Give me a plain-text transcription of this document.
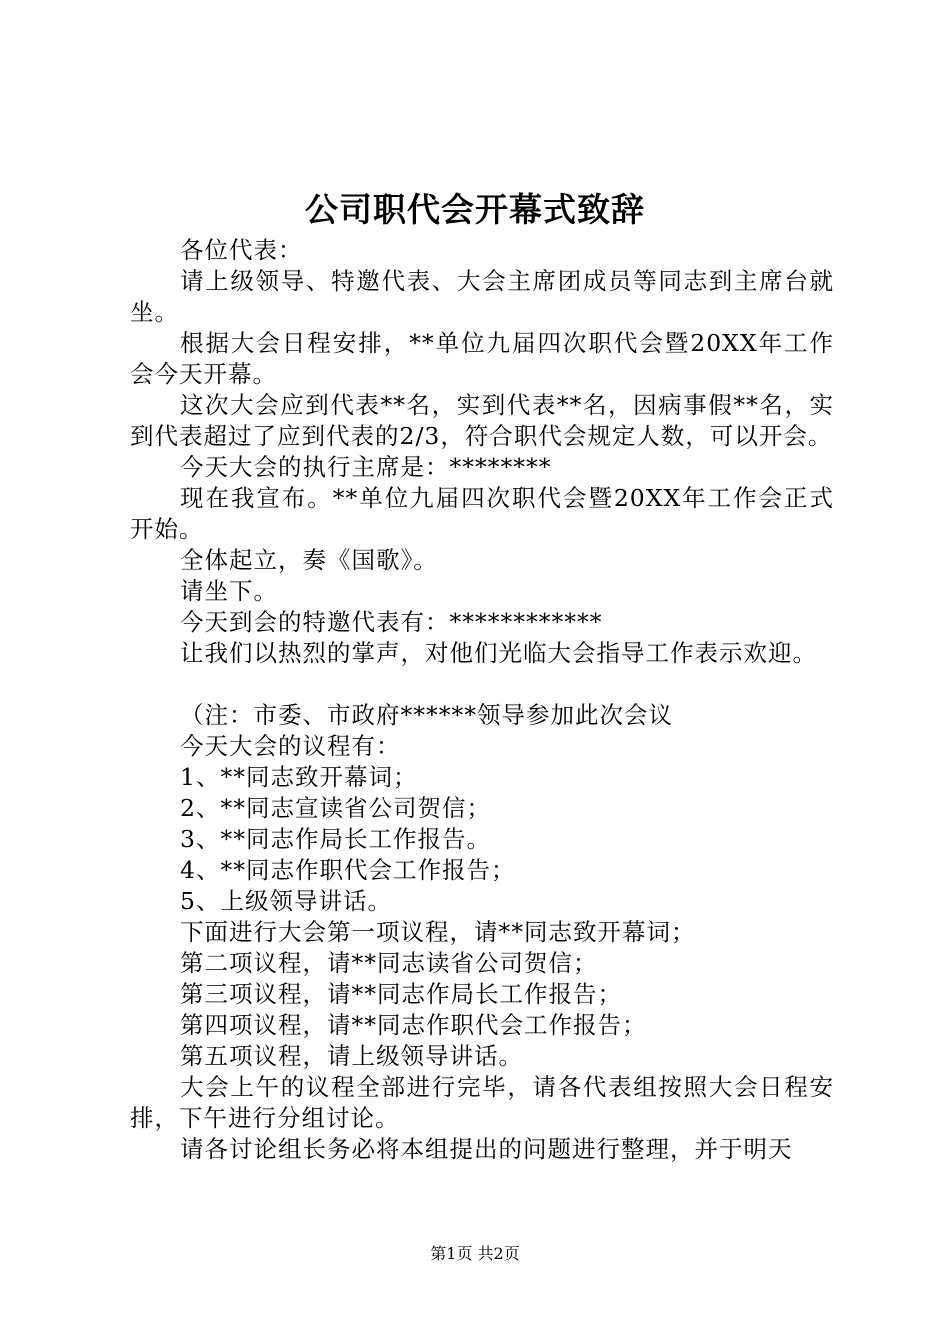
公司职代会开幕式致辞

各位代表：

请上级领导、特邀代表、大会主席团成员等同志到主席台就坐。

根据大会日程安排，**单位九届四次职代会暨20XX年工作会今天开幕。

这次大会应到代表**名，实到代表**名，因病事假**名，实到代表超过了应到代表的2/3，符合职代会规定人数，可以开会。

今天大会的执行主席是：********

现在我宣布。**单位九届四次职代会暨20XX年工作会正式开始。

全体起立，奏《国歌》。

请坐下。

今天到会的特邀代表有：************

让我们以热烈的掌声，对他们光临大会指导工作表示欢迎。

（注：市委、市政府******领导参加此次会议

今天大会的议程有：

1、**同志致开幕词；

2、**同志宣读省公司贺信；

3、**同志作局长工作报告。

4、**同志作职代会工作报告；

5、上级领导讲话。

下面进行大会第一项议程，请**同志致开幕词；

第二项议程，请**同志读省公司贺信；

第三项议程，请**同志作局长工作报告；

第四项议程，请**同志作职代会工作报告；

第五项议程，请上级领导讲话。

大会上午的议程全部进行完毕，请各代表组按照大会日程安排，下午进行分组讨论。

请各讨论组长务必将本组提出的问题进行整理，并于明天

第1页 共2页
